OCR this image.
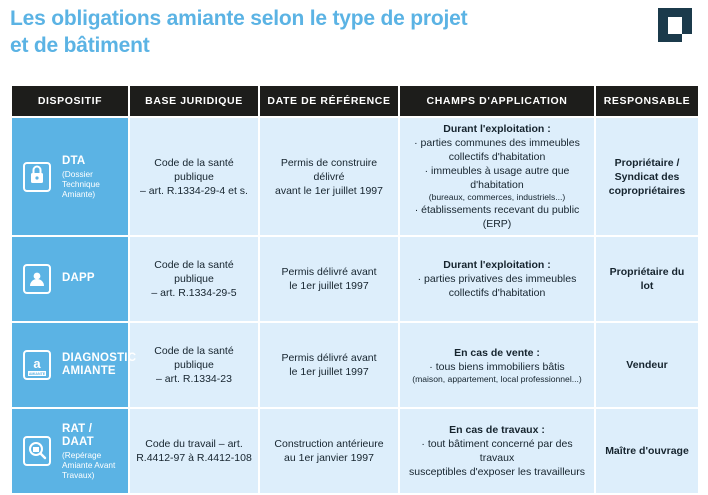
Les obligations amiante selon le type de projet
et de bâtiment
DISPOSITIF	BASE JURIDIQUE	DATE DE RÉFÉRENCE	CHAMPS D'APPLICATION	RESPONSABLE

DTA
(Dossier Technique Amiante)
	Code de la santé publique
– art. R.1334-29-4 et s.	Permis de construire délivré
avant le 1er juillet 1997	
Durant l'exploitation :
· parties communes des immeubles
collectifs d'habitation
· immeubles à usage autre que d'habitation
(bureaux, commerces, industriels...)
· établissements recevant du public (ERP)	Propriétaire /
Syndicat des
copropriétaires

DAPP	Code de la santé publique
– art. R.1334-29-5	Permis délivré avant
le 1er juillet 1997	Durant l'exploitation :
· parties privatives des immeubles
collectifs d'habitation	Propriétaire du lot

a
AMIANTE
DIAGNOSTIC AMIANTE	Code de la santé publique
– art. R.1334-23	Permis délivré avant
le 1er juillet 1997	En cas de vente :
· tous biens immobiliers bâtis
(maison, appartement, local professionnel...)	Vendeur

RAT / DAAT
(Repérage Amiante Avant Travaux)	Code du travail – art.
R.4412-97 à R.4412-108	Construction antérieure
au 1er janvier 1997	En cas de travaux :
· tout bâtiment concerné par des travaux
susceptibles d'exposer les travailleurs	Maître d'ouvrage
